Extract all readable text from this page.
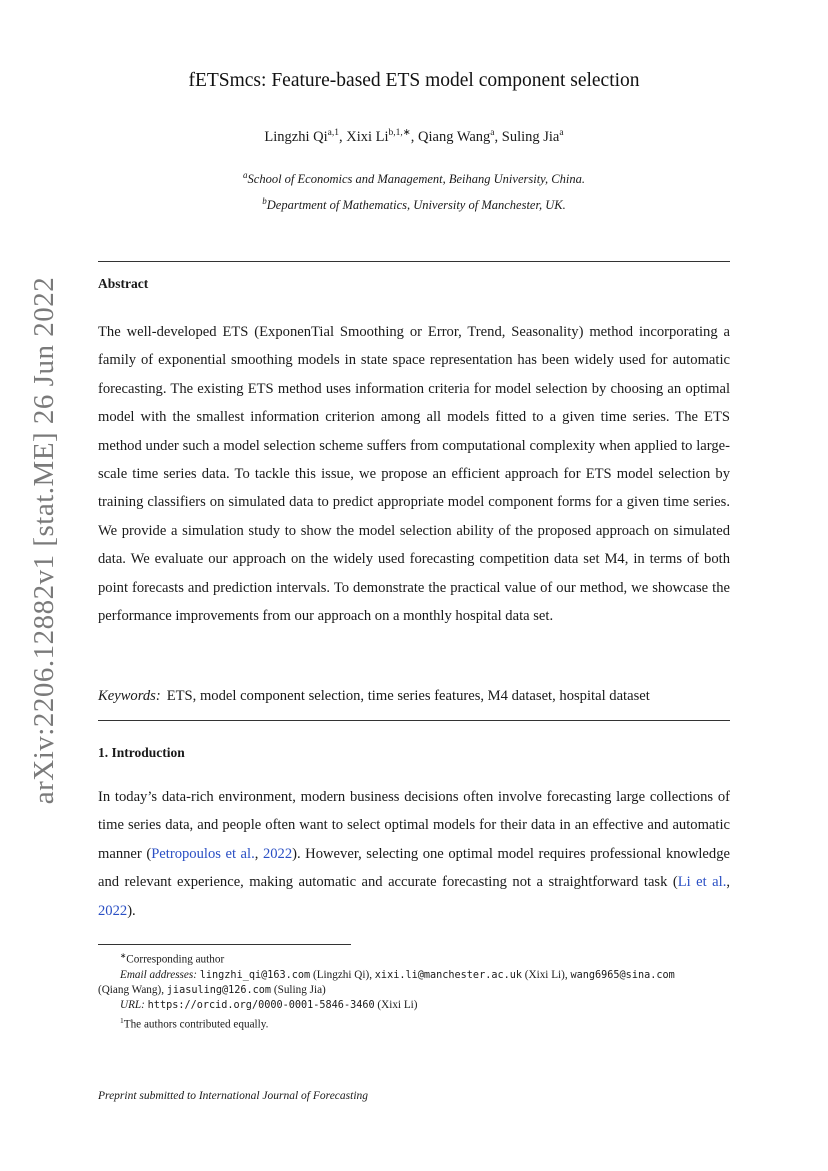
arXiv:2206.12882v1 [stat.ME] 26 Jun 2022
fETSmcs: Feature-based ETS model component selection
Lingzhi Qi$^{a,1}$, Xixi $Li^{b,1,∗}$, Qiang Wang$^a$, Suling Jia$^a$
$^a$School of Economics and Management, Beihang University, China.
$^b$Department of Mathematics, University of Manchester, UK.
Abstract

The well-developed ETS (ExponenTial Smoothing or Error, Trend, Seasonality) method incorporating a family of exponential smoothing models in state space representation has been widely used for automatic forecasting. The existing ETS method uses information criteria for model selection by choosing an optimal model with the smallest information criterion among all models fitted to a given time series. The ETS method under such a model selection scheme suffers from computational complexity when applied to large-scale time series data. To tackle this issue, we propose an efficient approach for ETS model selection by training classifiers on simulated data to predict appropriate model component forms for a given time series. We provide a simulation study to show the model selection ability of the proposed approach on simulated data. We evaluate our approach on the widely used forecasting competition data set M4, in terms of both point forecasts and prediction intervals. To demonstrate the practical value of our method, we showcase the performance improvements from our approach on a monthly hospital data set.

Keywords: ETS, model component selection, time series features, M4 dataset, hospital dataset
1. Introduction

In today’s data-rich environment, modern business decisions often involve forecasting large collections of time series data, and people often want to select optimal models for their data in an effective and automatic manner (Petropoulos et al., 2022). However, selecting one optimal model requires professional knowledge and relevant experience, making automatic and accurate forecasting not a straightforward task (Li et al., 2022).

∗Corresponding author

Email addresses: lingzhi_qi@163.com (Lingzhi Qi), xixi.li@manchester.ac.uk (Xixi Li), wang6965@sina.com

(Qiang Wang), jiasuling@126.com (Suling Jia)

URL: https://orcid.org/0000-0001-5846-3460 (Xixi Li)

$^1$The authors contributed equally.

Preprint submitted to International Journal of Forecasting
